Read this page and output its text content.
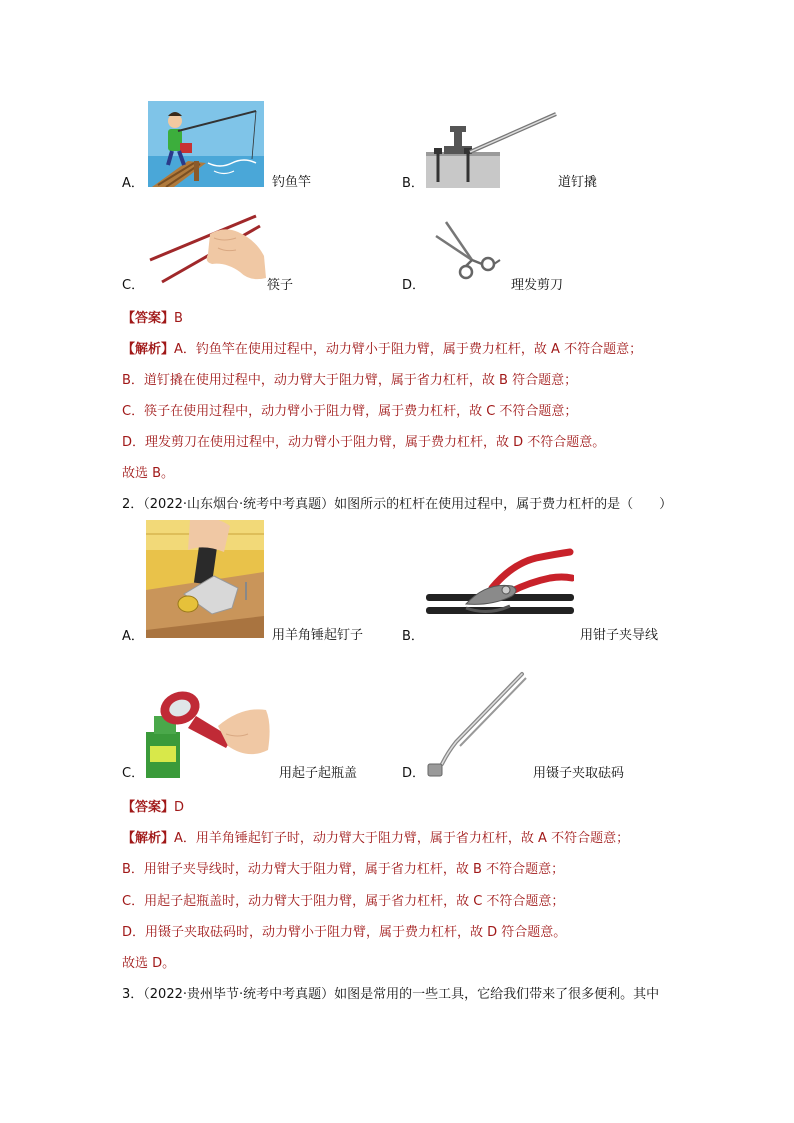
A．	钓鱼竿	B．	道钉撬
C．	筷子	D．	理发剪刀
【答案】B
【解析】A．钓鱼竿在使用过程中，动力臂小于阻力臂，属于费力杠杆，故 A 不符合题意；
B．道钉撬在使用过程中，动力臂大于阻力臂，属于省力杠杆，故 B 符合题意；
C．筷子在使用过程中，动力臂小于阻力臂，属于费力杠杆，故 C 不符合题意；
D．理发剪刀在使用过程中，动力臂小于阻力臂，属于费力杠杆，故 D 不符合题意。
故选 B。
2．（2022·山东烟台·统考中考真题）如图所示的杠杆在使用过程中，属于费力杠杆的是（　　）
A．	用羊角锤起钉子	B．	用钳子夹导线
C．	用起子起瓶盖	D．	用镊子夹取砝码
【答案】D
【解析】A．用羊角锤起钉子时，动力臂大于阻力臂，属于省力杠杆，故 A 不符合题意；
B．用钳子夹导线时，动力臂大于阻力臂，属于省力杠杆，故 B 不符合题意；
C．用起子起瓶盖时，动力臂大于阻力臂，属于省力杠杆，故 C 不符合题意；
D．用镊子夹取砝码时，动力臂小于阻力臂，属于费力杠杆，故 D 符合题意。
故选 D。
3．（2022·贵州毕节·统考中考真题）如图是常用的一些工具，它给我们带来了很多便利。其中
